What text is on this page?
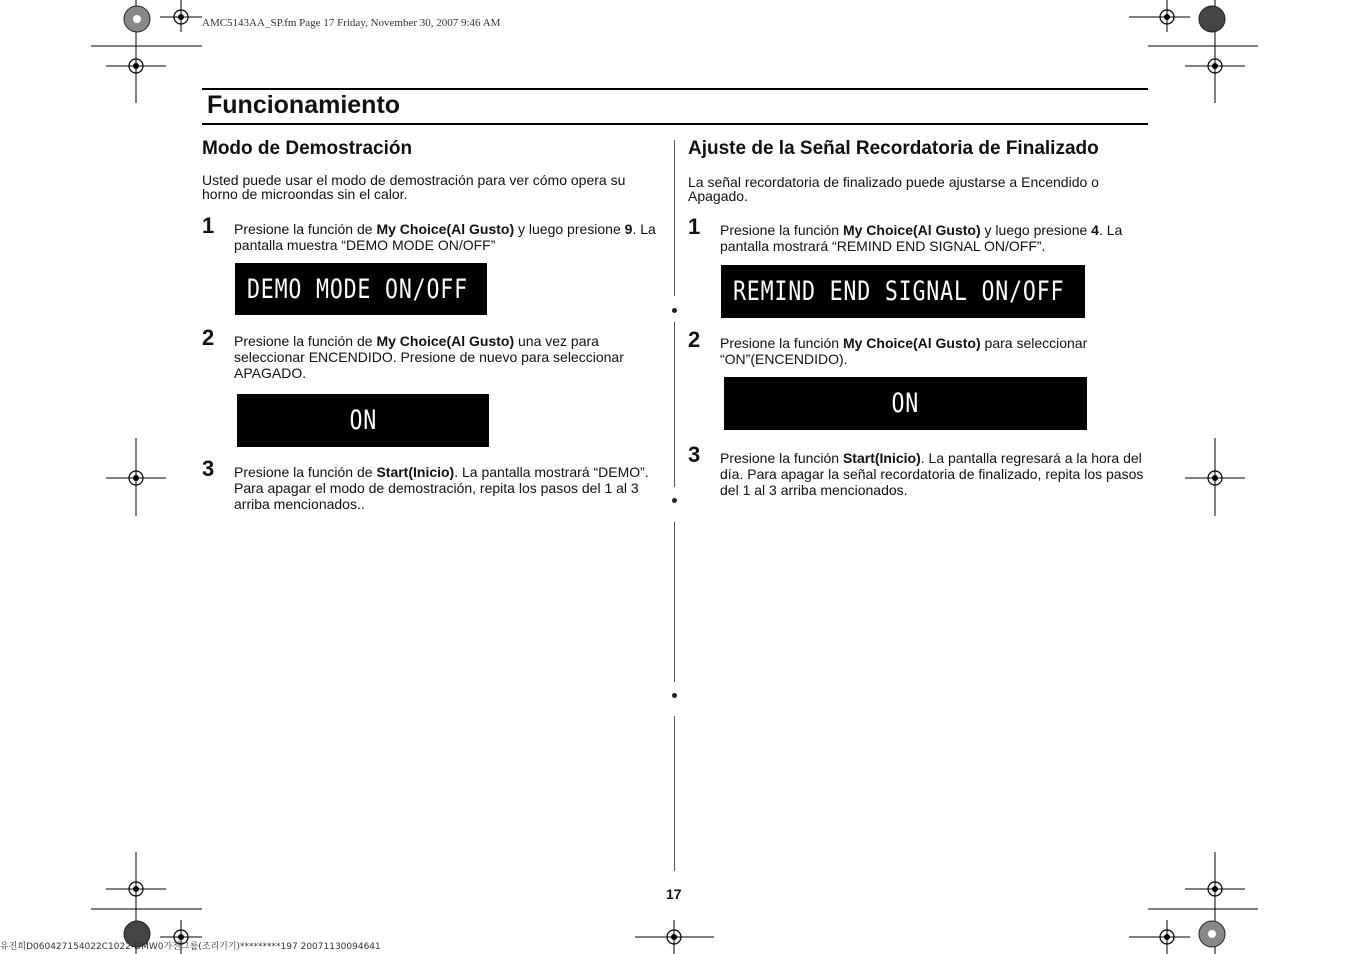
AMC5143AA_SP.fm Page 17 Friday, November 30, 2007 9:46 AM
Funcionamiento
Modo de Demostración

Usted puede usar el modo de demostración para ver cómo opera su horno de microondas sin el calor.

1 Presione la función de My Choice(Al Gusto) y luego presione 9. La pantalla muestra “DEMO MODE ON/OFF”

DEMO MODE ON/OFF
2 Presione la función de My Choice(Al Gusto) una vez para seleccionar ENCENDIDO. Presione de nuevo para seleccionar APAGADO.

ON
3 Presione la función de Start(Inicio). La pantalla mostrará “DEMO”. Para apagar el modo de demostración, repita los pasos del 1 al 3 arriba mencionados..

Ajuste de la Señal Recordatoria de Finalizado

La señal recordatoria de finalizado puede ajustarse a Encendido o Apagado.

1 Presione la función My Choice(Al Gusto) y luego presione 4. La pantalla mostrará “REMIND END SIGNAL ON/OFF”.

REMIND END SIGNAL ON/OFF
2 Presione la función My Choice(Al Gusto) para seleccionar “ON”(ENCENDIDO).

ON
3 Presione la función Start(Inicio). La pantalla regresará a la hora del día. Para apagar la señal recordatoria de finalizado, repita los pasos del 1 al 3 arriba mencionados.

17
유진희D060427154022C1022-DMW0가전그룹(조리기기)*********197 20071130094641
